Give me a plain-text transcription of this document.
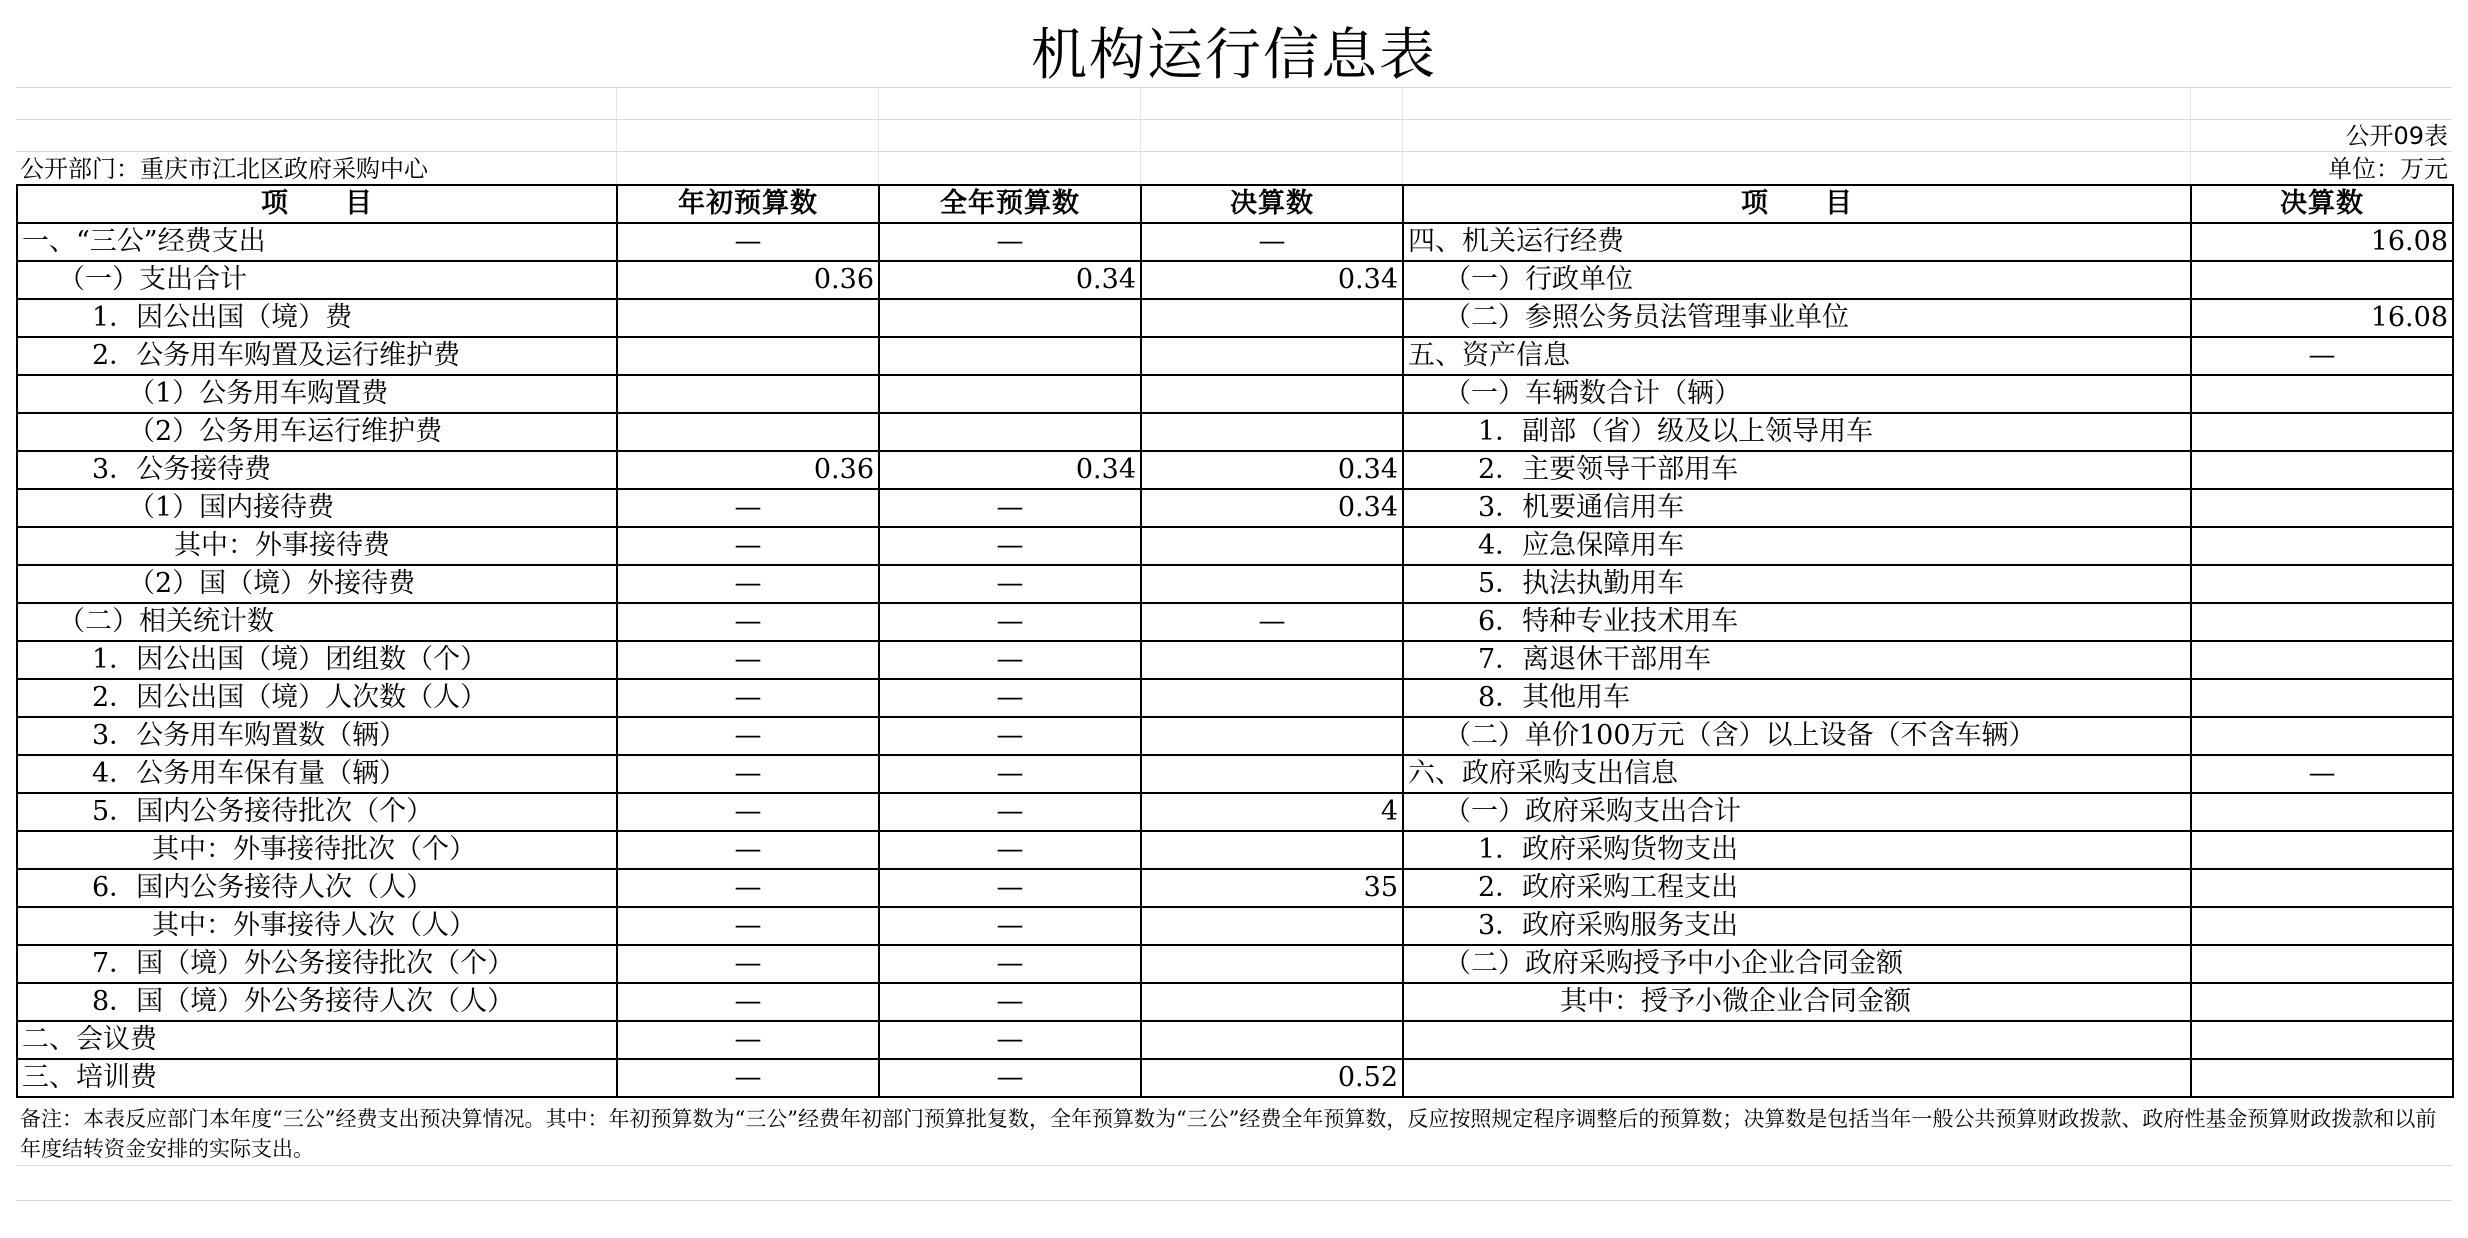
机构运行信息表
公开09表
公开部门：重庆市江北区政府采购中心	单位：万元
项　　目	年初预算数	全年预算数	决算数	项　　目	决算数
一、“三公”经费支出	—	—	—	四、机关运行经费	16.08
（一）支出合计	0.36	0.34	0.34	（一）行政单位	
1．因公出国（境）费				（二）参照公务员法管理事业单位	16.08
2．公务用车购置及运行维护费				五、资产信息	—
（1）公务用车购置费				（一）车辆数合计（辆）	
（2）公务用车运行维护费				1．副部（省）级及以上领导用车	
3．公务接待费	0.36	0.34	0.34	2．主要领导干部用车	
（1）国内接待费	—	—	0.34	3．机要通信用车	
其中：外事接待费	—	—		4．应急保障用车	
（2）国（境）外接待费	—	—		5．执法执勤用车	
（二）相关统计数	—	—	—	6．特种专业技术用车	
1．因公出国（境）团组数（个）	—	—		7．离退休干部用车	
2．因公出国（境）人次数（人）	—	—		8．其他用车	
3．公务用车购置数（辆）	—	—		（二）单价100万元（含）以上设备（不含车辆）	
4．公务用车保有量（辆）	—	—		六、政府采购支出信息	—
5．国内公务接待批次（个）	—	—	4	（一）政府采购支出合计	
其中：外事接待批次（个）	—	—		1．政府采购货物支出	
6．国内公务接待人次（人）	—	—	35	2．政府采购工程支出	
其中：外事接待人次（人）	—	—		3．政府采购服务支出	
7．国（境）外公务接待批次（个）	—	—		（二）政府采购授予中小企业合同金额	
8．国（境）外公务接待人次（人）	—	—		其中：授予小微企业合同金额	
二、会议费	—	—			
三、培训费	—	—	0.52		
备注：本表反应部门本年度“三公”经费支出预决算情况。其中：年初预算数为“三公”经费年初部门预算批复数，全年预算数为“三公”经费全年预算数，反应按照规定程序调整后的预算数；决算数是包括当年一般公共预算财政拨款、政府性基金预算财政拨款和以前年度结转资金安排的实际支出。
